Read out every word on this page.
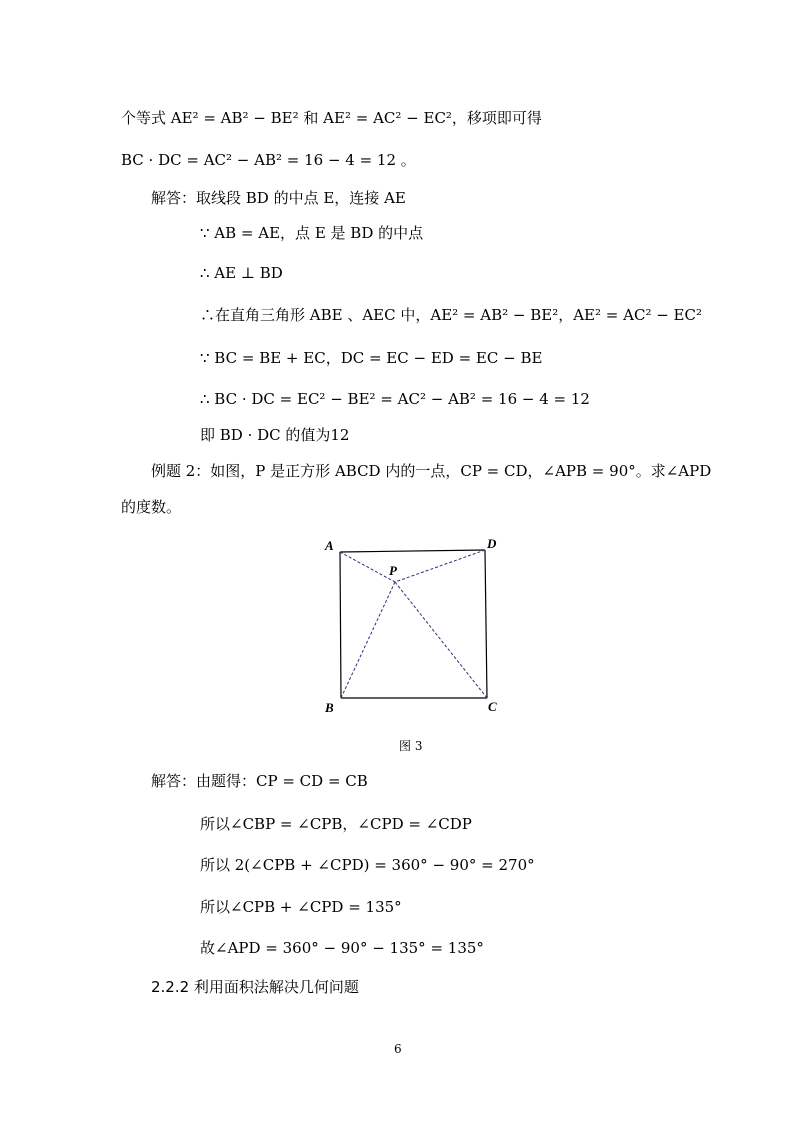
个等式 AE² = AB² − BE² 和 AE² = AC² − EC²，移项即可得
BC · DC = AC² − AB² = 16 − 4 = 12 。
解答：取线段 BD 的中点 E，连接 AE
∵ AB = AE，点 E 是 BD 的中点
∴ AE ⊥ BD
∴在直角三角形 ABE 、AEC 中，AE² = AB² − BE²，AE² = AC² − EC²
∵ BC = BE + EC，DC = EC − ED = EC − BE
∴ BC · DC = EC² − BE² = AC² − AB² = 16 − 4 = 12
即 BD · DC 的值为12
例题 2：如图，P 是正方形 ABCD 内的一点，CP = CD，∠APB = 90°。求∠APD
的度数。
A	D
P
B	C
图 3
解答：由题得：CP = CD = CB
所以∠CBP = ∠CPB，∠CPD = ∠CDP
所以 2(∠CPB + ∠CPD) = 360° − 90° = 270°
所以∠CPB + ∠CPD = 135°
故∠APD = 360° − 90° − 135° = 135°
2.2.2 利用面积法解决几何问题
6
